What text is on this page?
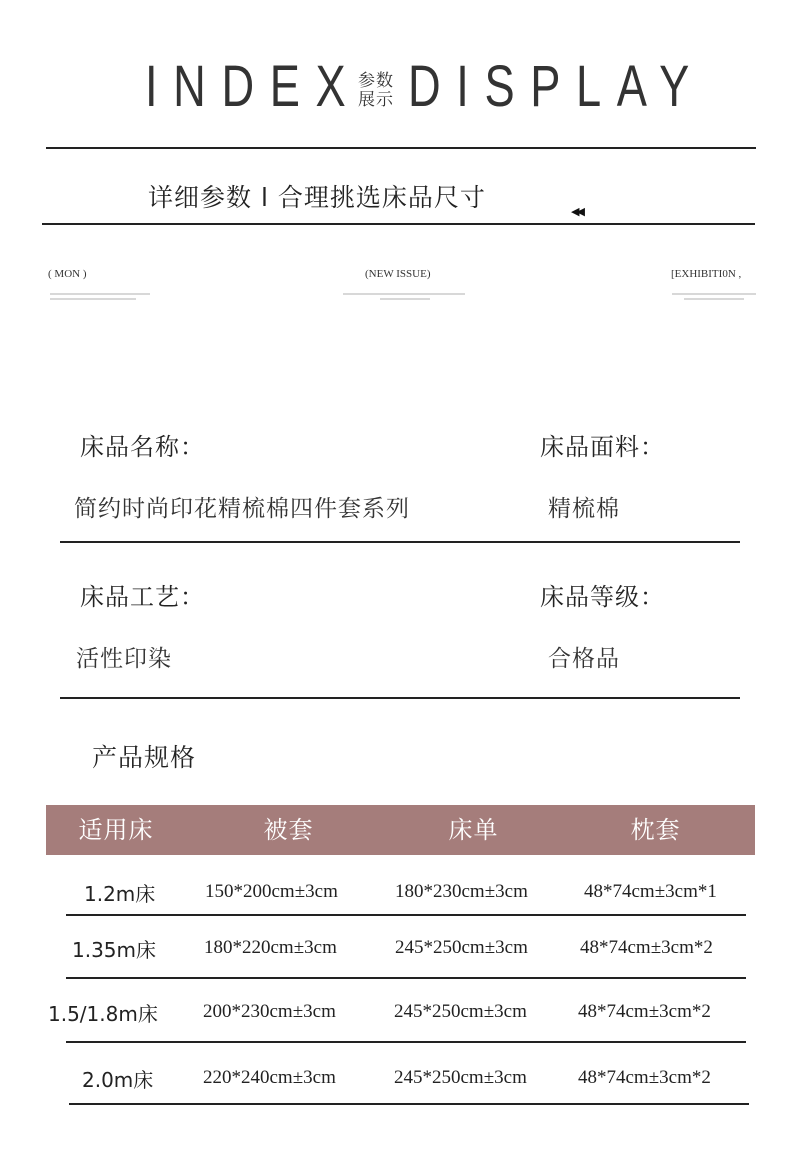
INDEX
参数
展示 DISPLAY
详细参数 l 合理挑选床品尺寸	◀◀
( MON )	(NEW ISSUE)	[EXHIBITI0N ,
床品名称：	床品面料：
简约时尚印花精梳棉四件套系列	精梳棉
床品工艺：	床品等级：
活性印染	合格品
产品规格
适用床	被套	床单	枕套
1.2m床	150*200cm±3cm	180*230cm±3cm	48*74cm±3cm*1
1.35m床	180*220cm±3cm	245*250cm±3cm	48*74cm±3cm*2
1.5/1.8m床 200*230cm±3cm	245*250cm±3cm	48*74cm±3cm*2
2.0m床	220*240cm±3cm	245*250cm±3cm	48*74cm±3cm*2
